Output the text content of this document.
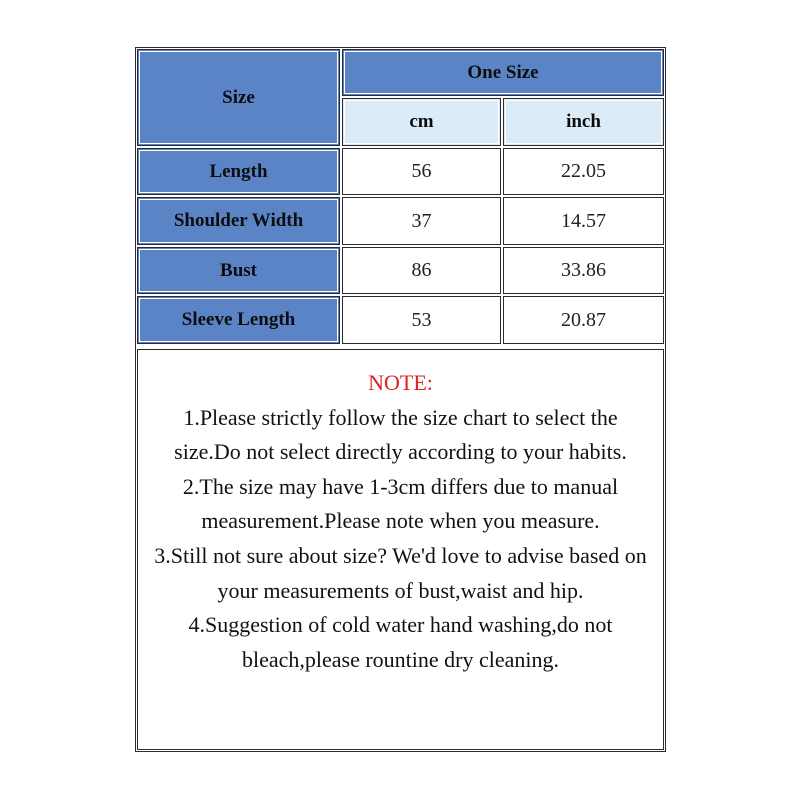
Size
One Size
cm	inch
Length	56	22.05
Shoulder Width	37	14.57
Bust	86	33.86
Sleeve Length	53	20.87
NOTE:
1.Please strictly follow the size chart to select the size.Do not select directly according to your habits.
2.The size may have 1-3cm differs due to manual measurement.Please note when you measure.
3.Still not sure about size? We'd love to advise based on your measurements of bust,waist and hip.
4.Suggestion of cold water hand washing,do not bleach,please rountine dry cleaning.
